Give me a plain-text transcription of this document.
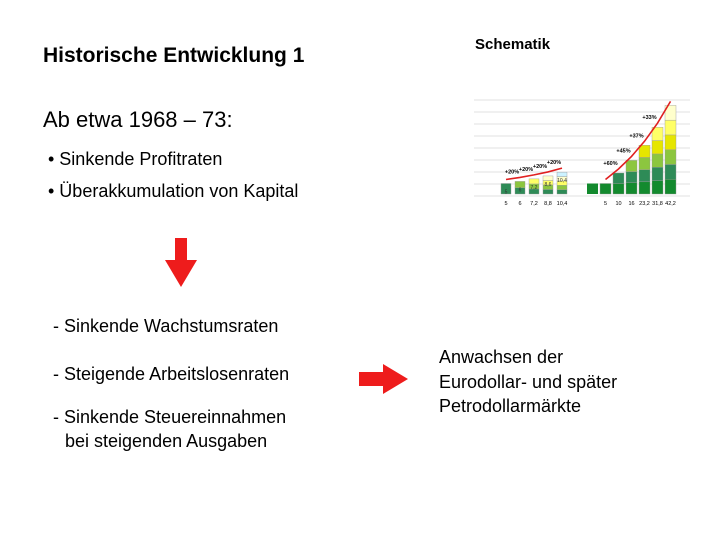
Historische Entwicklung 1
Ab etwa 1968 – 73:
• Sinkende Profitraten
• Überakkumulation von Kapital
- Sinkende Wachstumsraten
- Steigende Arbeitslosenraten
- Sinkende Steuereinnahmen
bei steigenden Ausgaben
Anwachsen der
Eurodollar- und später
Petrodollarmärkte
Schematik
5
5
6
6
7,2
7,2
8,8
8,6
10,4
10,4
+20% +20% +20%
+20%
5 10 16 23,2 31,8 42,2
+60%
+45%
+37%
+33%
